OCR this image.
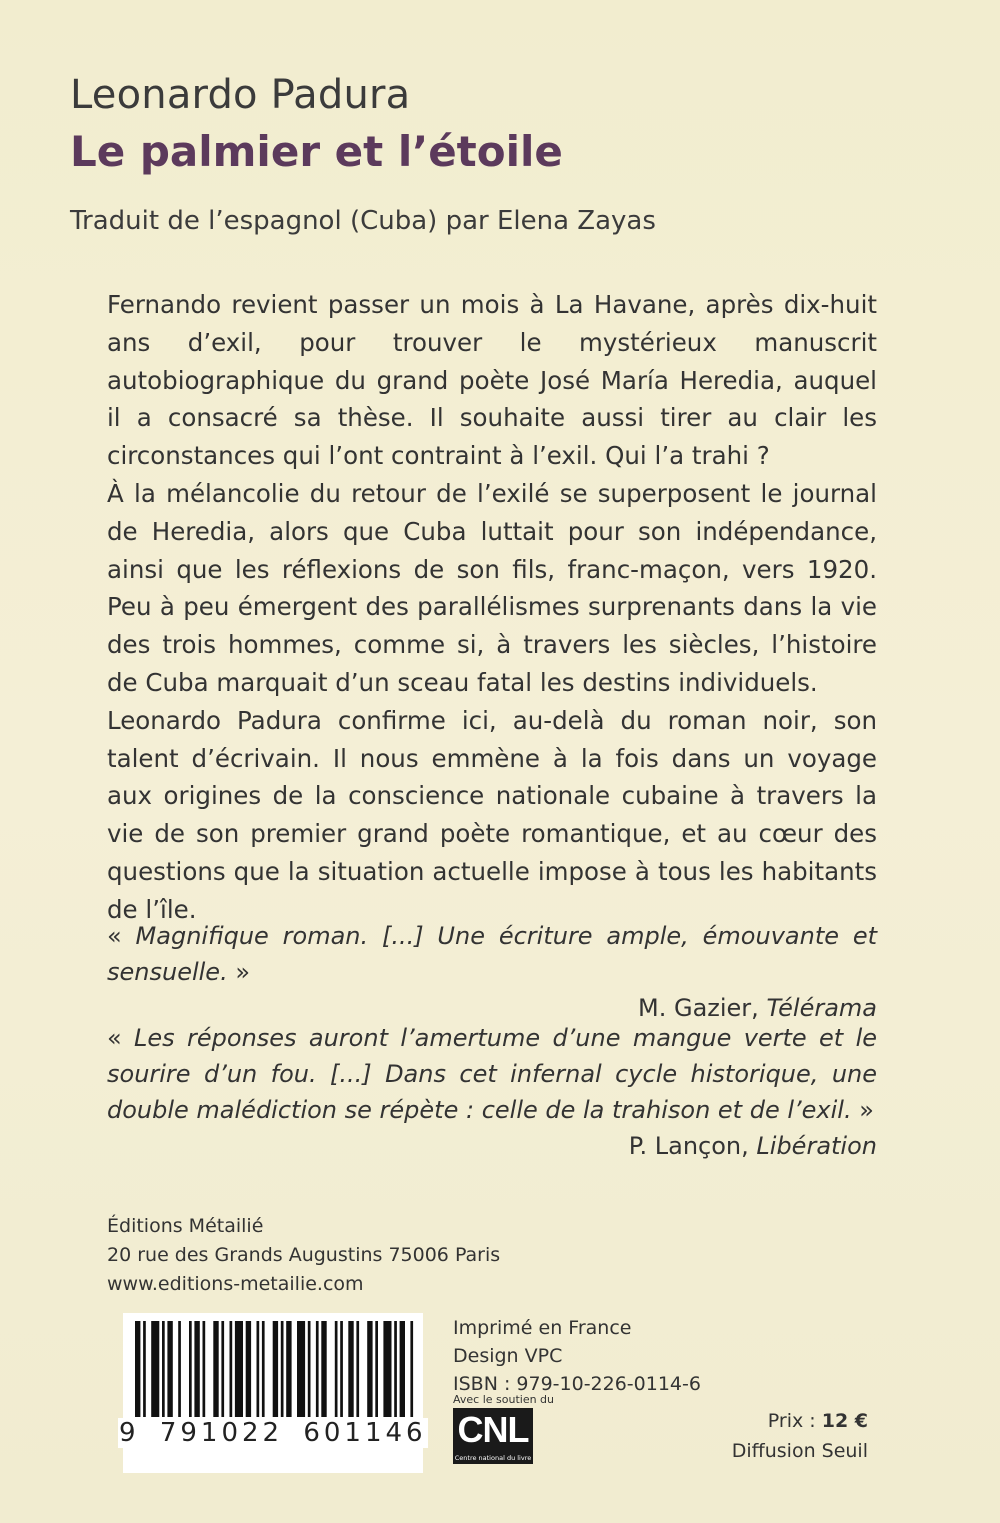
Leonardo Padura
Le palmier et l’étoile
Traduit de l’espagnol (Cuba) par Elena Zayas

Fernando revient passer un mois à La Havane, après dix-huit ans d’exil, pour trouver le mystérieux manuscrit autobiographique du grand poète José María Heredia, auquel il a consacré sa thèse. Il souhaite aussi tirer au clair les circonstances qui l’ont contraint à l’exil. Qui l’a trahi ?

À la mélancolie du retour de l’exilé se superposent le journal de Heredia, alors que Cuba luttait pour son indépendance, ainsi que les réflexions de son fils, franc-maçon, vers 1920. Peu à peu émergent des parallélismes surprenants dans la vie des trois hommes, comme si, à travers les siècles, l’histoire de Cuba marquait d’un sceau fatal les destins individuels.

Leonardo Padura confirme ici, au-delà du roman noir, son talent d’écrivain. Il nous emmène à la fois dans un voyage aux origines de la conscience nationale cubaine à travers la vie de son premier grand poète romantique, et au cœur des questions que la situation actuelle impose à tous les habitants de l’île.

« Magnifique roman. [...] Une écriture ample, émouvante et sensuelle. »
M. Gazier, Télérama
« Les réponses auront l’amertume d’une mangue verte et le sourire d’un fou. [...] Dans cet infernal cycle historique, une double malédiction se répète : celle de la trahison et de l’exil. »
P. Lançon, Libération
Éditions Métailié
20 rue des Grands Augustins 75006 Paris
www.editions-metailie.com
9 791022 601146
Imprimé en France
Design VPC
ISBN : 979-10-226-0114-6
Avec le soutien du
CNL
Centre national du livre
Prix : 12 €
Diffusion Seuil
